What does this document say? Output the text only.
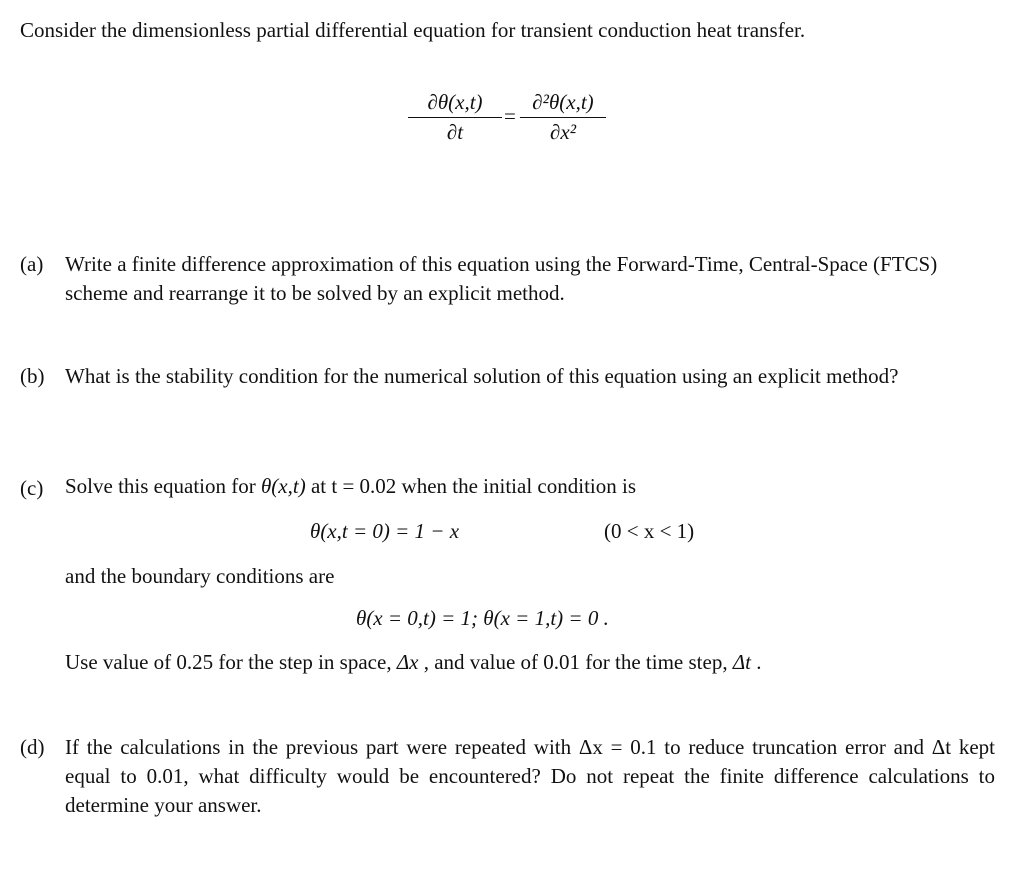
Consider the dimensionless partial differential equation for transient conduction heat transfer.
∂θ(x,t)
∂t
=
∂²θ(x,t)
∂x²
(a) Write a finite difference approximation of this equation using the Forward-Time, Central-Space (FTCS) scheme and rearrange it to be solved by an explicit method.
(b) What is the stability condition for the numerical solution of this equation using an explicit method?
(c) Solve this equation for θ(x,t) at t = 0.02 when the initial condition is
θ(x,t = 0) = 1 − x	(0 < x < 1)
and the boundary conditions are
θ(x = 0,t) = 1; θ(x = 1,t) = 0 .
Use value of 0.25 for the step in space, Δx , and value of 0.01 for the time step, Δt .
(d) If the calculations in the previous part were repeated with Δx = 0.1 to reduce truncation error and Δt kept equal to 0.01, what difficulty would be encountered? Do not repeat the finite difference calculations to determine your answer.
